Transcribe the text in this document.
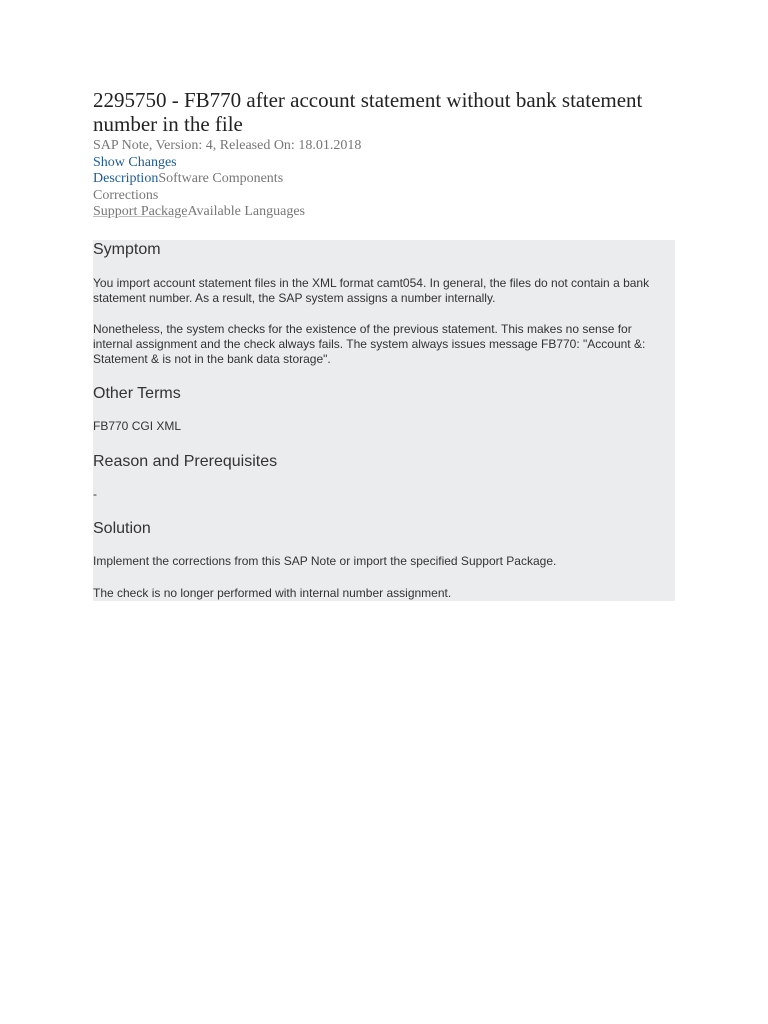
2295750 - FB770 after account statement without bank statement number in the file
SAP Note, Version: 4, Released On: 18.01.2018
Show Changes
DescriptionSoftware Components
Corrections
Support PackageAvailable Languages
Symptom

You import account statement files in the XML format camt054. In general, the files do not contain a bank statement number. As a result, the SAP system assigns a number internally.

Nonetheless, the system checks for the existence of the previous statement. This makes no sense for internal assignment and the check always fails. The system always issues message FB770: "Account &: Statement & is not in the bank data storage".

Other Terms

FB770 CGI XML

Reason and Prerequisites

-

Solution

Implement the corrections from this SAP Note or import the specified Support Package.

The check is no longer performed with internal number assignment.
